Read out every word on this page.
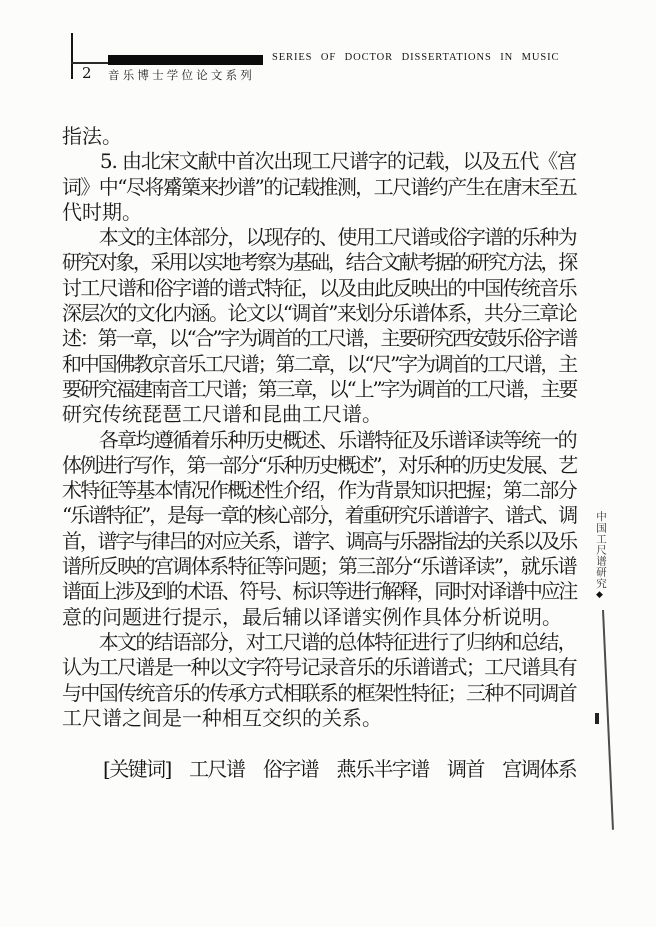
SERIES OF DOCTOR DISSERTATIONS IN MUSIC
2 音乐博士学位论文系列
指法。
　　5. 由北宋文献中首次出现工尺谱字的记载，以及五代《宫
词》中“尽将觱篥来抄谱”的记载推测，工尺谱约产生在唐末至五
代时期。
　　本文的主体部分，以现存的、使用工尺谱或俗字谱的乐种为
研究对象，采用以实地考察为基础，结合文献考据的研究方法，探
讨工尺谱和俗字谱的谱式特征，以及由此反映出的中国传统音乐
深层次的文化内涵。论文以“调首”来划分乐谱体系，共分三章论
述：第一章，以“合”字为调首的工尺谱，主要研究西安鼓乐俗字谱
和中国佛教京音乐工尺谱；第二章，以“尺”字为调首的工尺谱，主
要研究福建南音工尺谱；第三章，以“上”字为调首的工尺谱，主要
研究传统琵琶工尺谱和昆曲工尺谱。
　　各章均遵循着乐种历史概述、乐谱特征及乐谱译读等统一的
体例进行写作，第一部分“乐种历史概述”，对乐种的历史发展、艺
术特征等基本情况作概述性介绍，作为背景知识把握；第二部分
“乐谱特征”，是每一章的核心部分，着重研究乐谱谱字、谱式、调
首，谱字与律吕的对应关系，谱字、调高与乐器指法的关系以及乐
谱所反映的宫调体系特征等问题；第三部分“乐谱译读”，就乐谱
谱面上涉及到的术语、符号、标识等进行解释，同时对译谱中应注
意的问题进行提示，最后辅以译谱实例作具体分析说明。
　　本文的结语部分，对工尺谱的总体特征进行了归纳和总结，
认为工尺谱是一种以文字符号记录音乐的乐谱谱式；工尺谱具有
与中国传统音乐的传承方式相联系的框架性特征；三种不同调首
工尺谱之间是一种相互交织的关系。
[关键词]　工尺谱　俗字谱　燕乐半字谱　调首　宫调体系
中国工尺谱研究
◆
